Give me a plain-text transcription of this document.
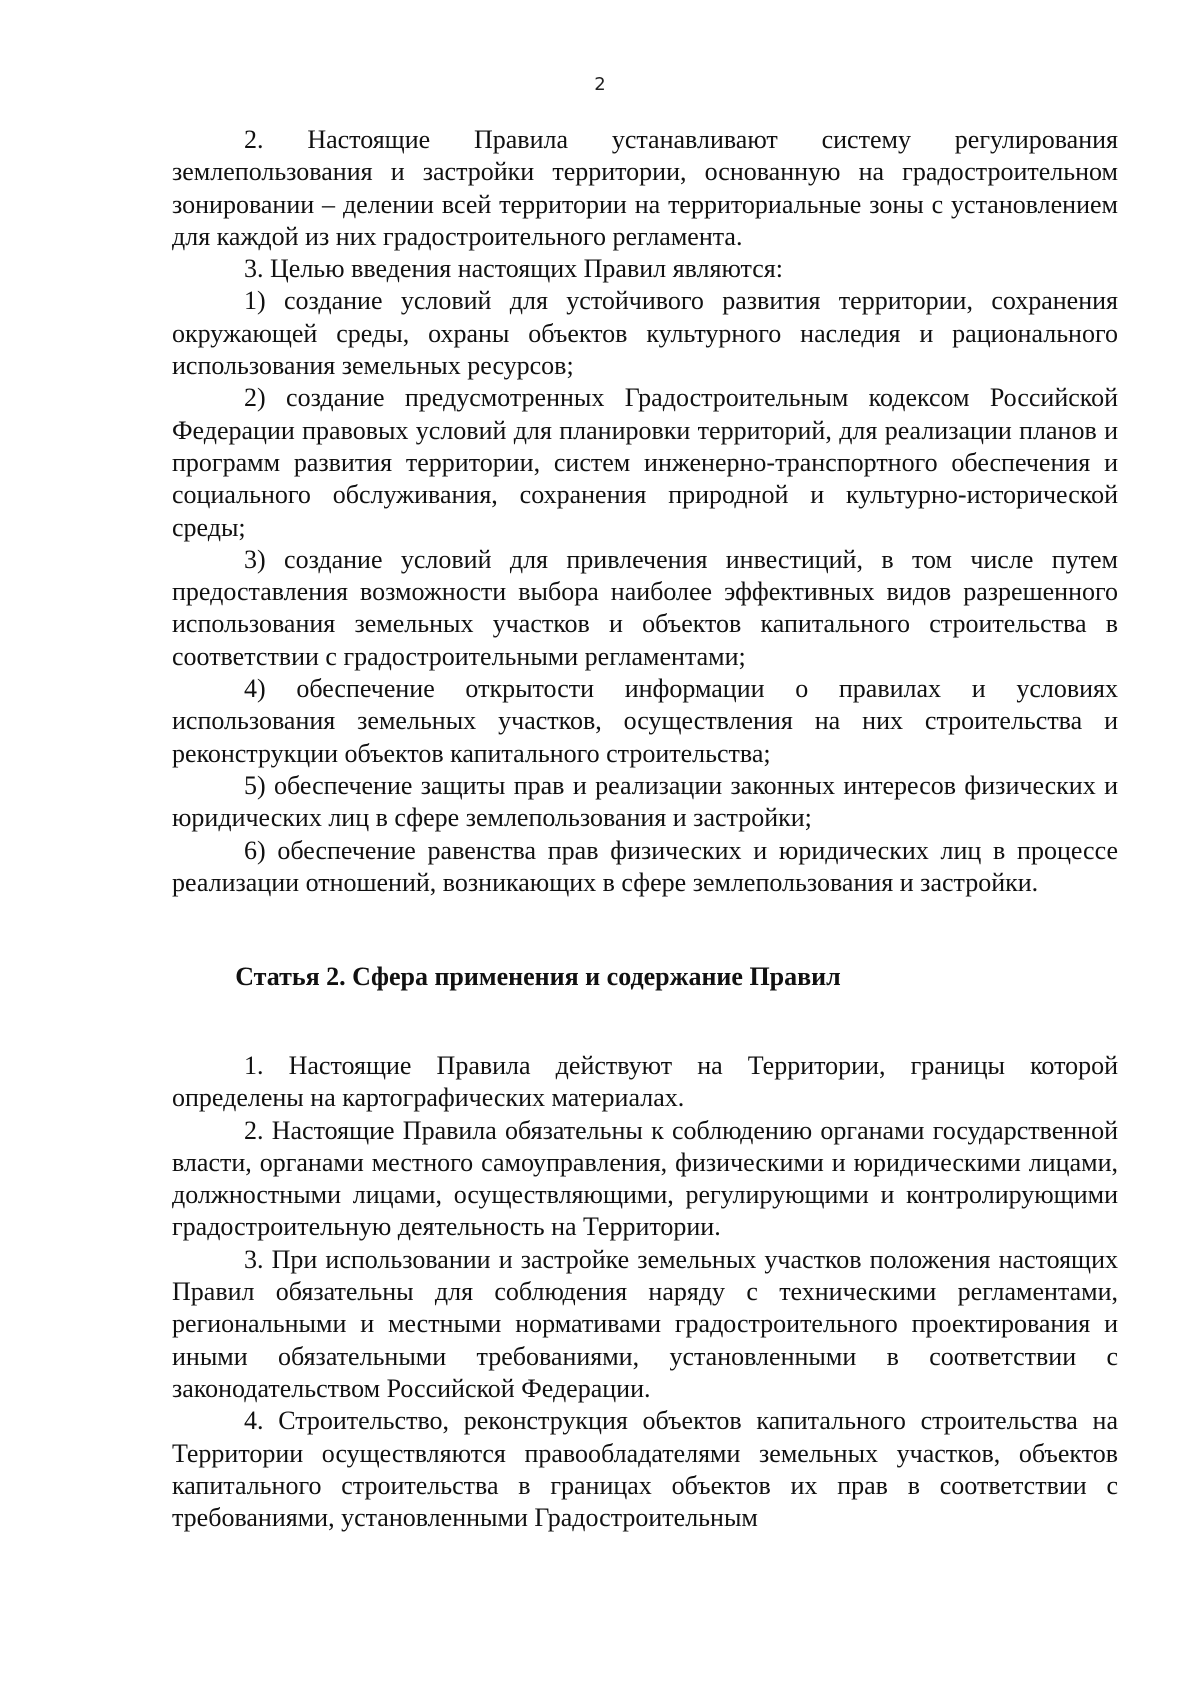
2

2. Настоящие Правила устанавливают систему регулирования землепользования и застройки территории, основанную на градостроительном зонировании – делении всей территории на территориальные зоны с установлением для каждой из них градостроительного регламента.

3. Целью введения настоящих Правил являются:

1) создание условий для устойчивого развития территории, сохранения окружающей среды, охраны объектов культурного наследия и рационального использования земельных ресурсов;

2) создание предусмотренных Градостроительным кодексом Российской Федерации правовых условий для планировки территорий, для реализации планов и программ развития территории, систем инженерно-транспортного обеспечения и социального обслуживания, сохранения природной и культурно-исторической среды;

3) создание условий для привлечения инвестиций, в том числе путем предоставления возможности выбора наиболее эффективных видов разрешенного использования земельных участков и объектов капитального строительства в соответствии с градостроительными регламентами;

4) обеспечение открытости информации о правилах и условиях использования земельных участков, осуществления на них строительства и реконструкции объектов капитального строительства;

5) обеспечение защиты прав и реализации законных интересов физических и юридических лиц в сфере землепользования и застройки;

6) обеспечение равенства прав физических и юридических лиц в процессе реализации отношений, возникающих в сфере землепользования и застройки.

Статья 2. Сфера применения и содержание Правил

1. Настоящие Правила действуют на Территории, границы которой определены на картографических материалах.

2. Настоящие Правила обязательны к соблюдению органами государственной власти, органами местного самоуправления, физическими и юридическими лицами, должностными лицами, осуществляющими, регулирующими и контролирующими градостроительную деятельность на Территории.

3. При использовании и застройке земельных участков положения настоящих Правил обязательны для соблюдения наряду с техническими регламентами, региональными и местными нормативами градостроительного проектирования и иными обязательными требованиями, установленными в соответствии с законодательством Российской Федерации.

4. Строительство, реконструкция объектов капитального строительства на Территории осуществляются правообладателями земельных участков, объектов капитального строительства в границах объектов их прав в соответствии с требованиями, установленными Градостроительным
